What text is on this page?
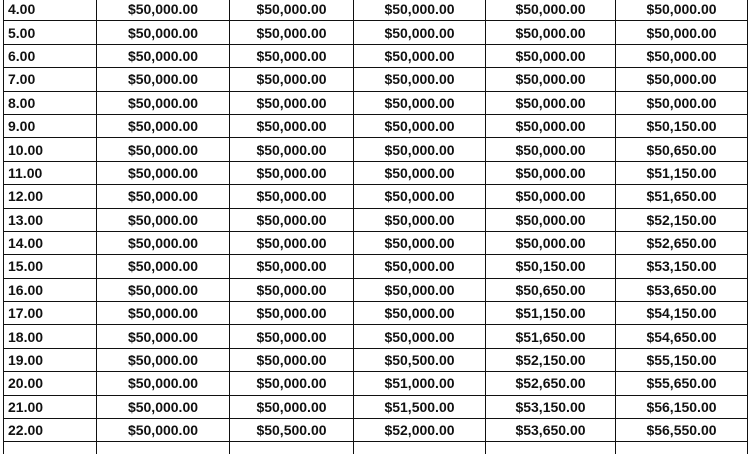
4.00	$50,000.00	$50,000.00	$50,000.00	$50,000.00	$50,000.00
5.00	$50,000.00	$50,000.00	$50,000.00	$50,000.00	$50,000.00
6.00	$50,000.00	$50,000.00	$50,000.00	$50,000.00	$50,000.00
7.00	$50,000.00	$50,000.00	$50,000.00	$50,000.00	$50,000.00
8.00	$50,000.00	$50,000.00	$50,000.00	$50,000.00	$50,000.00
9.00	$50,000.00	$50,000.00	$50,000.00	$50,000.00	$50,150.00
10.00	$50,000.00	$50,000.00	$50,000.00	$50,000.00	$50,650.00
11.00	$50,000.00	$50,000.00	$50,000.00	$50,000.00	$51,150.00
12.00	$50,000.00	$50,000.00	$50,000.00	$50,000.00	$51,650.00
13.00	$50,000.00	$50,000.00	$50,000.00	$50,000.00	$52,150.00
14.00	$50,000.00	$50,000.00	$50,000.00	$50,000.00	$52,650.00
15.00	$50,000.00	$50,000.00	$50,000.00	$50,150.00	$53,150.00
16.00	$50,000.00	$50,000.00	$50,000.00	$50,650.00	$53,650.00
17.00	$50,000.00	$50,000.00	$50,000.00	$51,150.00	$54,150.00
18.00	$50,000.00	$50,000.00	$50,000.00	$51,650.00	$54,650.00
19.00	$50,000.00	$50,000.00	$50,500.00	$52,150.00	$55,150.00
20.00	$50,000.00	$50,000.00	$51,000.00	$52,650.00	$55,650.00
21.00	$50,000.00	$50,000.00	$51,500.00	$53,150.00	$56,150.00
22.00	$50,000.00	$50,500.00	$52,000.00	$53,650.00	$56,550.00
